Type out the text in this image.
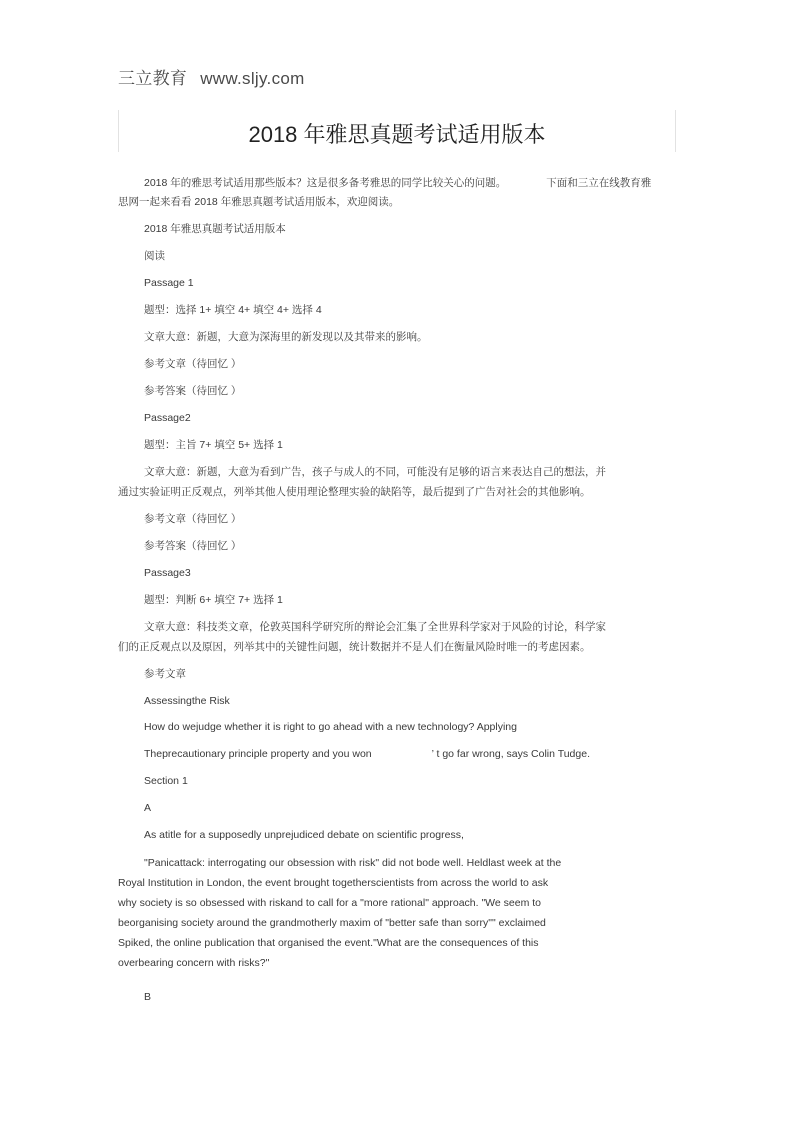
三立教育 www.sljy.com
2018 年雅思真题考试适用版本
2018 年的雅思考试适用那些版本？这是很多备考雅思的同学比较关心的问题。	下面和三立在线教育雅
思网一起来看看 2018 年雅思真题考试适用版本，欢迎阅读。
2018 年雅思真题考试适用版本
阅读
Passage 1
题型：选择 1+ 填空 4+ 填空 4+ 选择 4
文章大意：新题，大意为深海里的新发现以及其带来的影响。
参考文章（待回忆 ）
参考答案（待回忆 ）
Passage2
题型：主旨 7+ 填空 5+ 选择 1
文章大意：新题，大意为看到广告，孩子与成人的不同，可能没有足够的语言来表达自己的想法，并
通过实验证明正反观点，列举其他人使用理论整理实验的缺陷等，最后提到了广告对社会的其他影响。
参考文章（待回忆 ）
参考答案（待回忆 ）
Passage3
题型：判断 6+ 填空 7+ 选择 1
文章大意：科技类文章，伦敦英国科学研究所的辩论会汇集了全世界科学家对于风险的讨论，科学家
们的正反观点以及原因，列举其中的关键性问题，统计数据并不是人们在衡量风险时唯一的考虑因素。
参考文章
Assessingthe Risk
How do wejudge whether it is right to go ahead with a new technology? Applying
Theprecautionary principle property and you won	’ t go far wrong, says Colin Tudge.
Section 1
A
As atitle for a supposedly unprejudiced debate on scientific progress,
"Panicattack: interrogating our obsession with risk" did not bode well. Heldlast week at the
Royal Institution in London, the event brought togetherscientists from across the world to ask
why society is so obsessed with riskand to call for a "more rational" approach. "We seem to
beorganising society around the grandmotherly maxim of "better safe than sorry"" exclaimed
Spiked, the online publication that organised the event."What are the consequences of this
overbearing concern with risks?"
B
